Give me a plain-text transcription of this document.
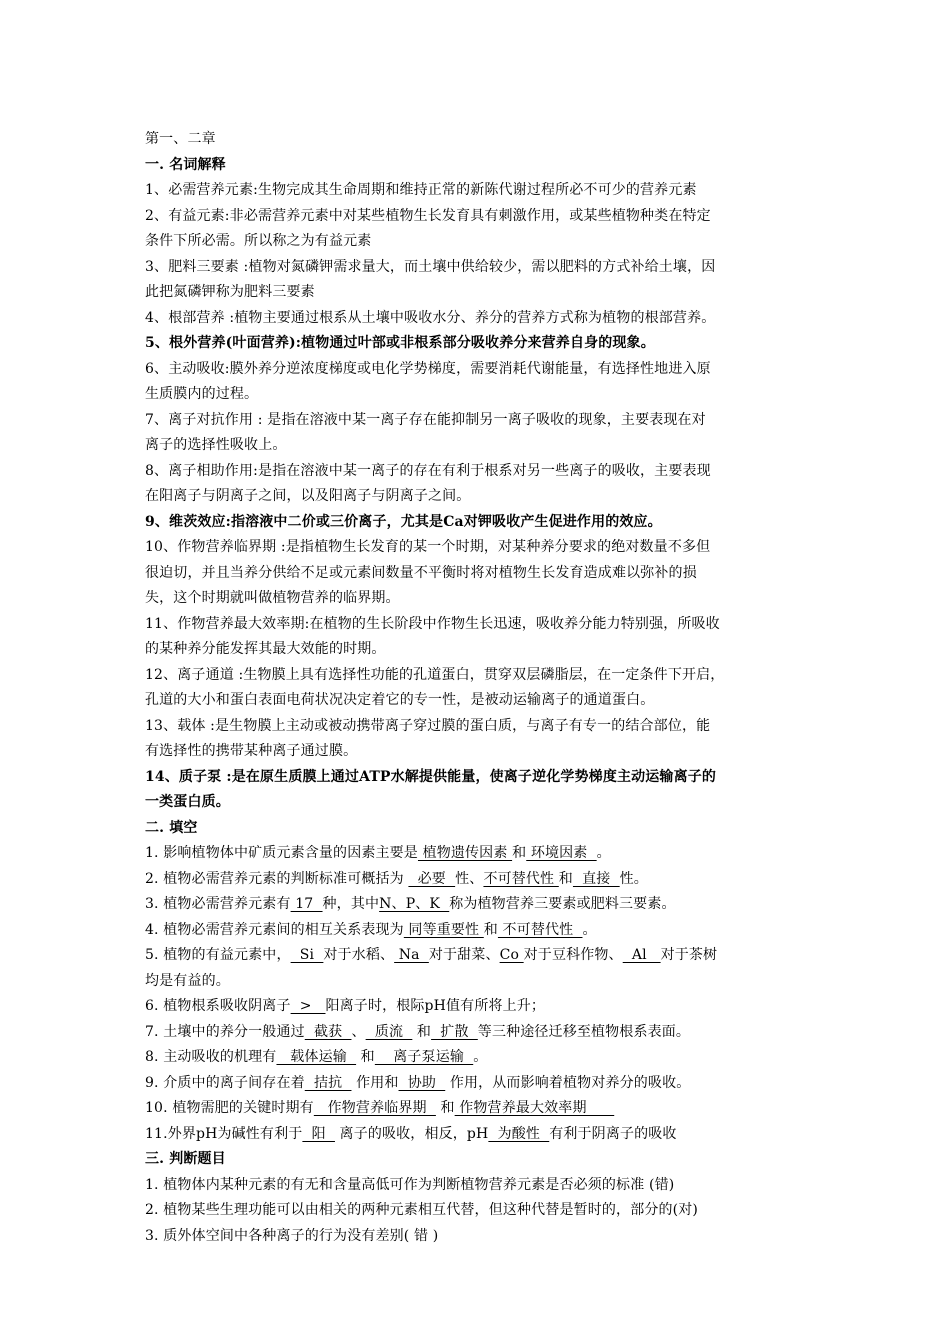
第一、二章
一. 名词解释
1、必需营养元素:生物完成其生命周期和维持正常的新陈代谢过程所必不可少的营养元素
2、有益元素:非必需营养元素中对某些植物生长发育具有刺激作用，或某些植物种类在特定
条件下所必需。所以称之为有益元素
3、肥料三要素 :植物对氮磷钾需求量大，而土壤中供给较少，需以肥料的方式补给土壤，因
此把氮磷钾称为肥料三要素
4、根部营养 :植物主要通过根系从土壤中吸收水分、养分的营养方式称为植物的根部营养。
5、根外营养(叶面营养):植物通过叶部或非根系部分吸收养分来营养自身的现象。
6、主动吸收:膜外养分逆浓度梯度或电化学势梯度，需要消耗代谢能量，有选择性地进入原
生质膜内的过程。
7、离子对抗作用 : 是指在溶液中某一离子存在能抑制另一离子吸收的现象，主要表现在对
离子的选择性吸收上。
8、离子相助作用:是指在溶液中某一离子的存在有利于根系对另一些离子的吸收，主要表现
在阳离子与阴离子之间，以及阳离子与阴离子之间。
9、维茨效应:指溶液中二价或三价离子，尤其是Ca对钾吸收产生促进作用的效应。
10、作物营养临界期 :是指植物生长发育的某一个时期，对某种养分要求的绝对数量不多但
很迫切，并且当养分供给不足或元素间数量不平衡时将对植物生长发育造成难以弥补的损
失，这个时期就叫做植物营养的临界期。
11、作物营养最大效率期:在植物的生长阶段中作物生长迅速，吸收养分能力特别强，所吸收
的某种养分能发挥其最大效能的时期。
12、离子通道 :生物膜上具有选择性功能的孔道蛋白，贯穿双层磷脂层，在一定条件下开启，
孔道的大小和蛋白表面电荷状况决定着它的专一性，是被动运输离子的通道蛋白。
13、载体 :是生物膜上主动或被动携带离子穿过膜的蛋白质，与离子有专一的结合部位，能
有选择性的携带某种离子通过膜。
14、质子泵 :是在原生质膜上通过ATP水解提供能量，使离子逆化学势梯度主动运输离子的
一类蛋白质。
二. 填空
1. 影响植物体中矿质元素含量的因素主要是 植物遗传因素 和 环境因素  。
2. 植物必需营养元素的判断标准可概括为   必要  性、不可替代性 和  直接  性。
3. 植物必需营养元素有 17  种，其中N、P、K  称为植物营养三要素或肥料三要素。
4. 植物必需营养元素间的相互关系表现为 同等重要性 和 不可替代性  。
5. 植物的有益元素中，  Si  对于水稻、 Na  对于甜菜、Co 对于豆科作物、  Al   对于茶树
均是有益的。
6. 植物根系吸收阴离子  >   阳离子时，根际pH值有所将上升；
7. 土壤中的养分一般通过  截获  、  质流   和  扩散  等三种途径迁移至植物根系表面。
8. 主动吸收的机理有   载体运输   和    离子泵运输  。
9. 介质中的离子间存在着  拮抗   作用和  协助   作用，从而影响着植物对养分的吸收。
10. 植物需肥的关键时期有   作物营养临界期   和 作物营养最大效率期
11.外界pH为碱性有利于  阳   离子的吸收，相反，pH  为酸性  有利于阴离子的吸收
三. 判断题目
1. 植物体内某种元素的有无和含量高低可作为判断植物营养元素是否必须的标准 (错)
2. 植物某些生理功能可以由相关的两种元素相互代替，但这种代替是暂时的，部分的(对)
3. 质外体空间中各种离子的行为没有差别( 错 )
